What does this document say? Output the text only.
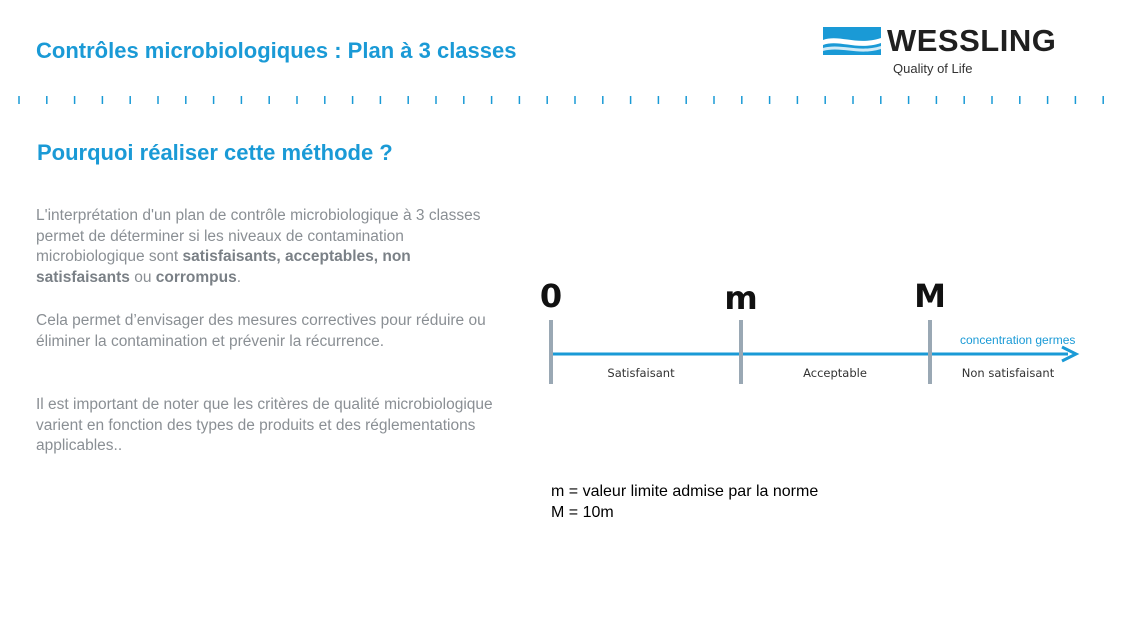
Contrôles microbiologiques : Plan à 3 classes	WESSLING
Quality of Life
Pourquoi réaliser cette méthode ?

L'interprétation d'un plan de contrôle microbiologique à 3 classes permet de déterminer si les niveaux de contamination microbiologique sont satisfaisants, acceptables, non satisfaisants ou corrompus.

Cela permet d’envisager des mesures correctives pour réduire ou éliminer la contamination et prévenir la récurrence.

Il est important de noter que les critères de qualité microbiologique varient en fonction des types de produits et des réglementations applicables..

0	m	M
Satisfaisant	Acceptable	Non satisfaisant
concentration germes
m = valeur limite admise par la norme
M = 10m
